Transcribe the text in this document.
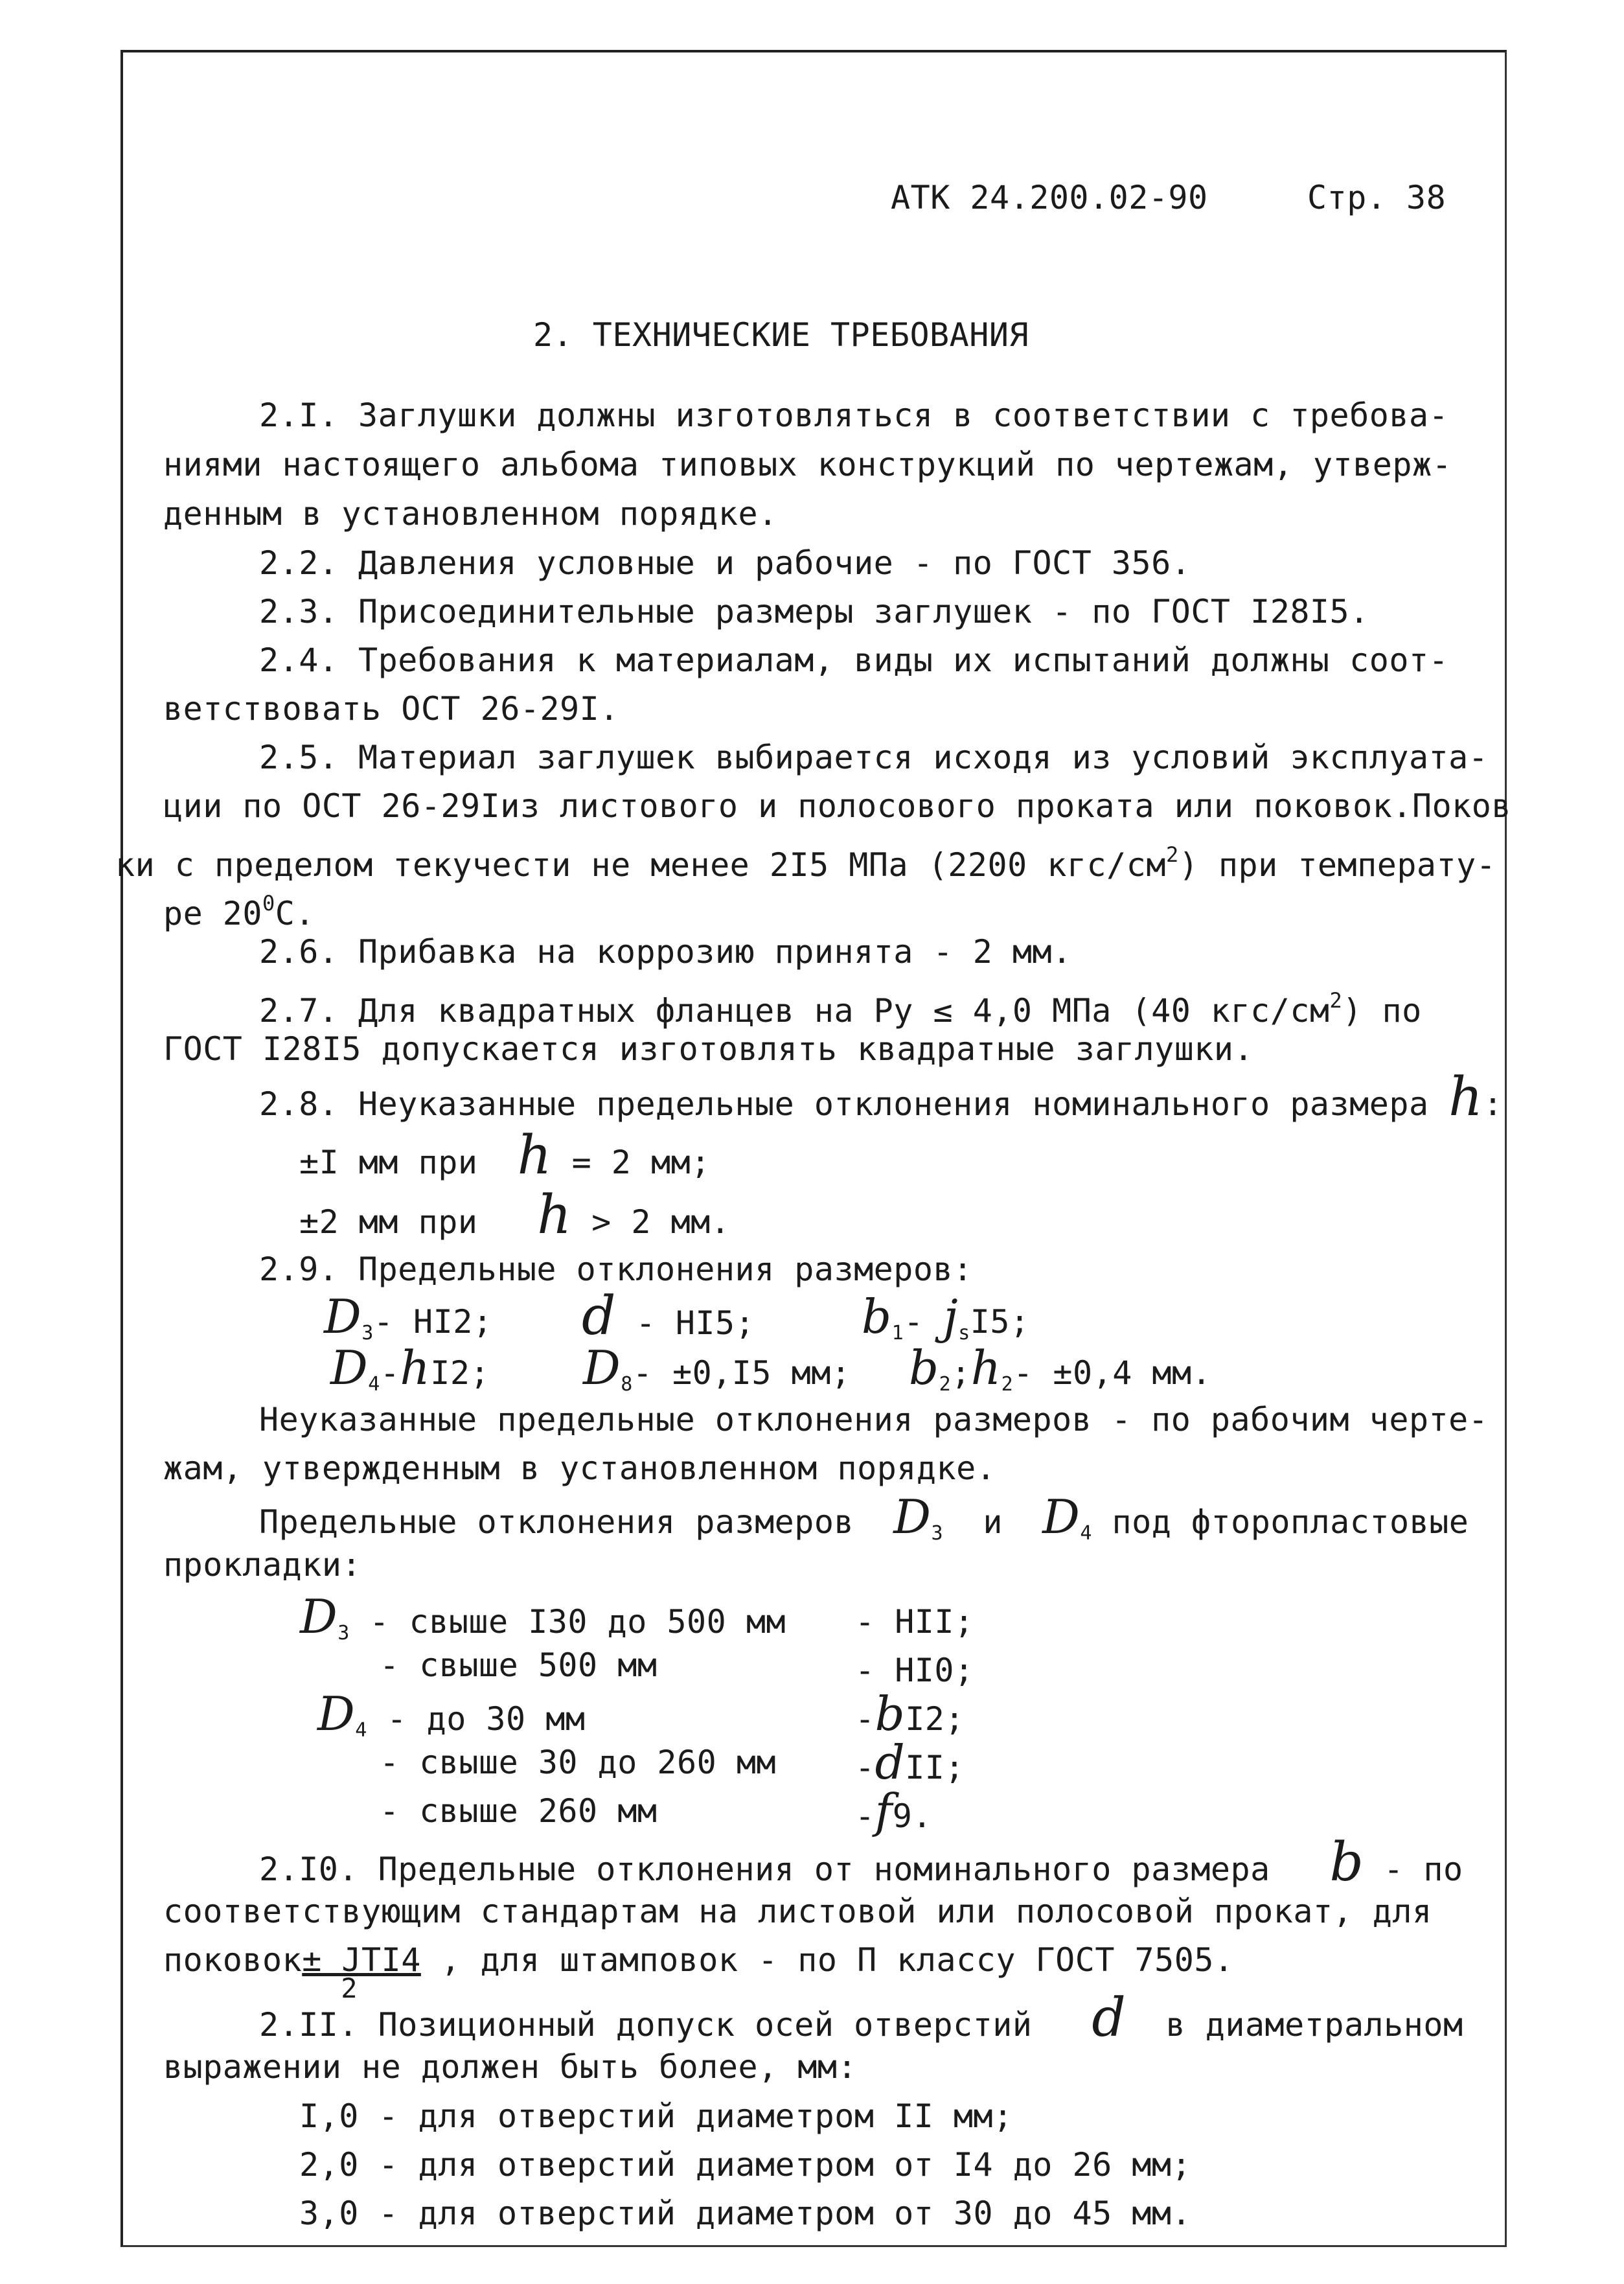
АТК 24.200.02-90	Стр. 38
2. ТЕХНИЧЕСКИЕ ТРЕБОВАНИЯ
2.I. Заглушки должны изготовляться в соответствии с требова-
ниями настоящего альбома типовых конструкций по чертежам, утверж-
денным в установленном порядке.
2.2. Давления условные и рабочие - по ГОСТ 356.
2.3. Присоединительные размеры заглушек - по ГОСТ I28I5.
2.4. Требования к материалам, виды их испытаний должны соот-
ветствовать ОСТ 26-29I.
2.5. Материал заглушек выбирается исходя из условий эксплуата-
ции по ОСТ 26-29Iиз листового и полосового проката или поковок.Поков
ки с пределом текучести не менее 2I5 МПа (2200 кгс/$см^2$) при температу-
ре $20^0С$.
2.6. Прибавка на коррозию принята - 2 мм.
2.7. Для квадратных фланцев на Ру ≤ 4,0 МПа (40 кгс/$см^2$) по
ГОСТ I28I5 допускается изготовлять квадратные заглушки.
2.8. Неуказанные предельные отклонения номинального размера h:
±I мм при h = 2 мм;
±2 мм при h > 2 мм.
2.9. Предельные отклонения размеров:
$D_3-$ HI2; d - HI5; $b_1-$ $j_sI5$;
$D_4-hI2$; $D_8- \pm 0,I5$ мм; $b_2;h_2- \pm 0,4$ мм.
Неуказанные предельные отклонения размеров - по рабочим черте-
жам, утвержденным в установленном порядке.
Предельные отклонения размеров $D_3$ и $D_4$ под фторопластовые
прокладки:
$D_3$ - свыше I30 до 500 мм - HII;
- свыше 500 мм	- HI0;
$D_4$ - до 30 мм	-bI2;
- свыше 30 до 260 мм -dII;
- свыше 260 мм	-f9.
2.I0. Предельные отклонения от номинального размера b - по
соответствующим стандартам на листовой или полосовой прокат, для
поковок± JTI4
2
, для штамповок - по П классу ГОСТ 7505.
2.II. Позиционный допуск осей отверстий d в диаметральном
выражении не должен быть более, мм:
I,0 - для отверстий диаметром II мм;
2,0 - для отверстий диаметром от I4 до 26 мм;
3,0 - для отверстий диаметром от 30 до 45 мм.
